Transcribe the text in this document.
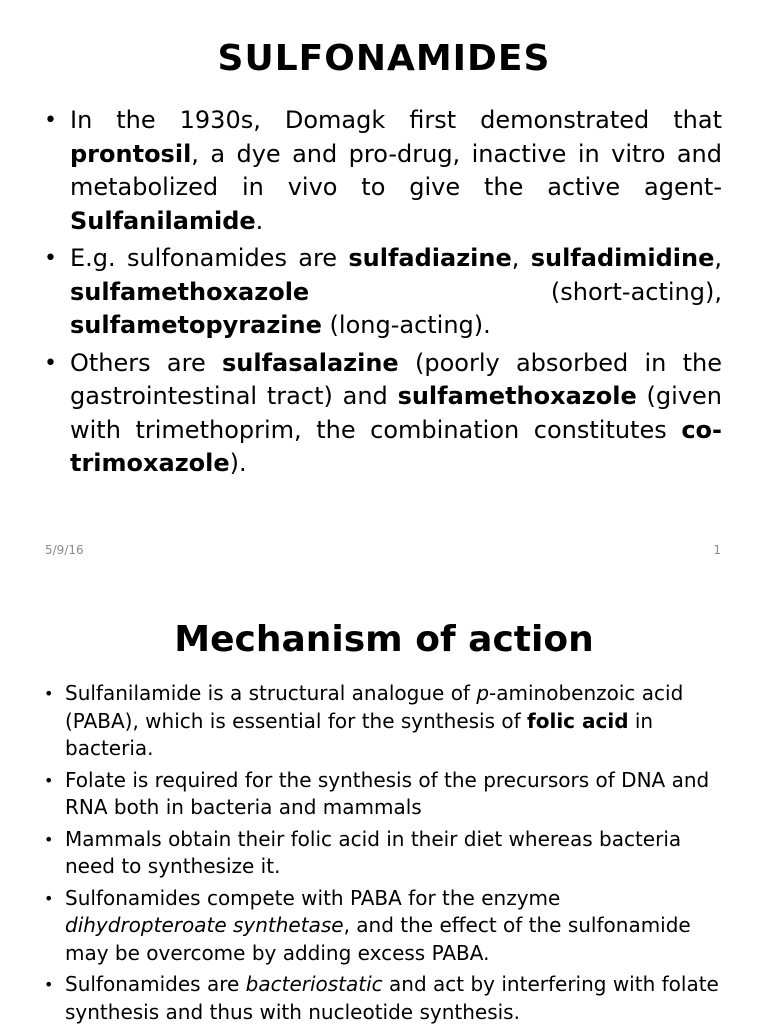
SULFONAMIDES
• In the 1930s, Domagk first demonstrated that prontosil, a dye and pro-drug, inactive in vitro and metabolized in vivo to give the active agent-Sulfanilamide.
• E.g. sulfonamides are sulfadiazine, sulfadimidine, sulfamethoxazole (short-acting), sulfametopyrazine (long-acting).
• Others are sulfasalazine (poorly absorbed in the gastrointestinal tract) and sulfamethoxazole (given with trimethoprim, the combination constitutes co-trimoxazole).
5/9/16	1
Mechanism of action
• Sulfanilamide is a structural analogue of p-aminobenzoic acid (PABA), which is essential for the synthesis of folic acid in bacteria.
• Folate is required for the synthesis of the precursors of DNA and RNA both in bacteria and mammals
• Mammals obtain their folic acid in their diet whereas bacteria need to synthesize it.
• Sulfonamides compete with PABA for the enzyme dihydropteroate synthetase, and the effect of the sulfonamide may be overcome by adding excess PABA.
• Sulfonamides are bacteriostatic and act by interfering with folate synthesis and thus with nucleotide synthesis.
